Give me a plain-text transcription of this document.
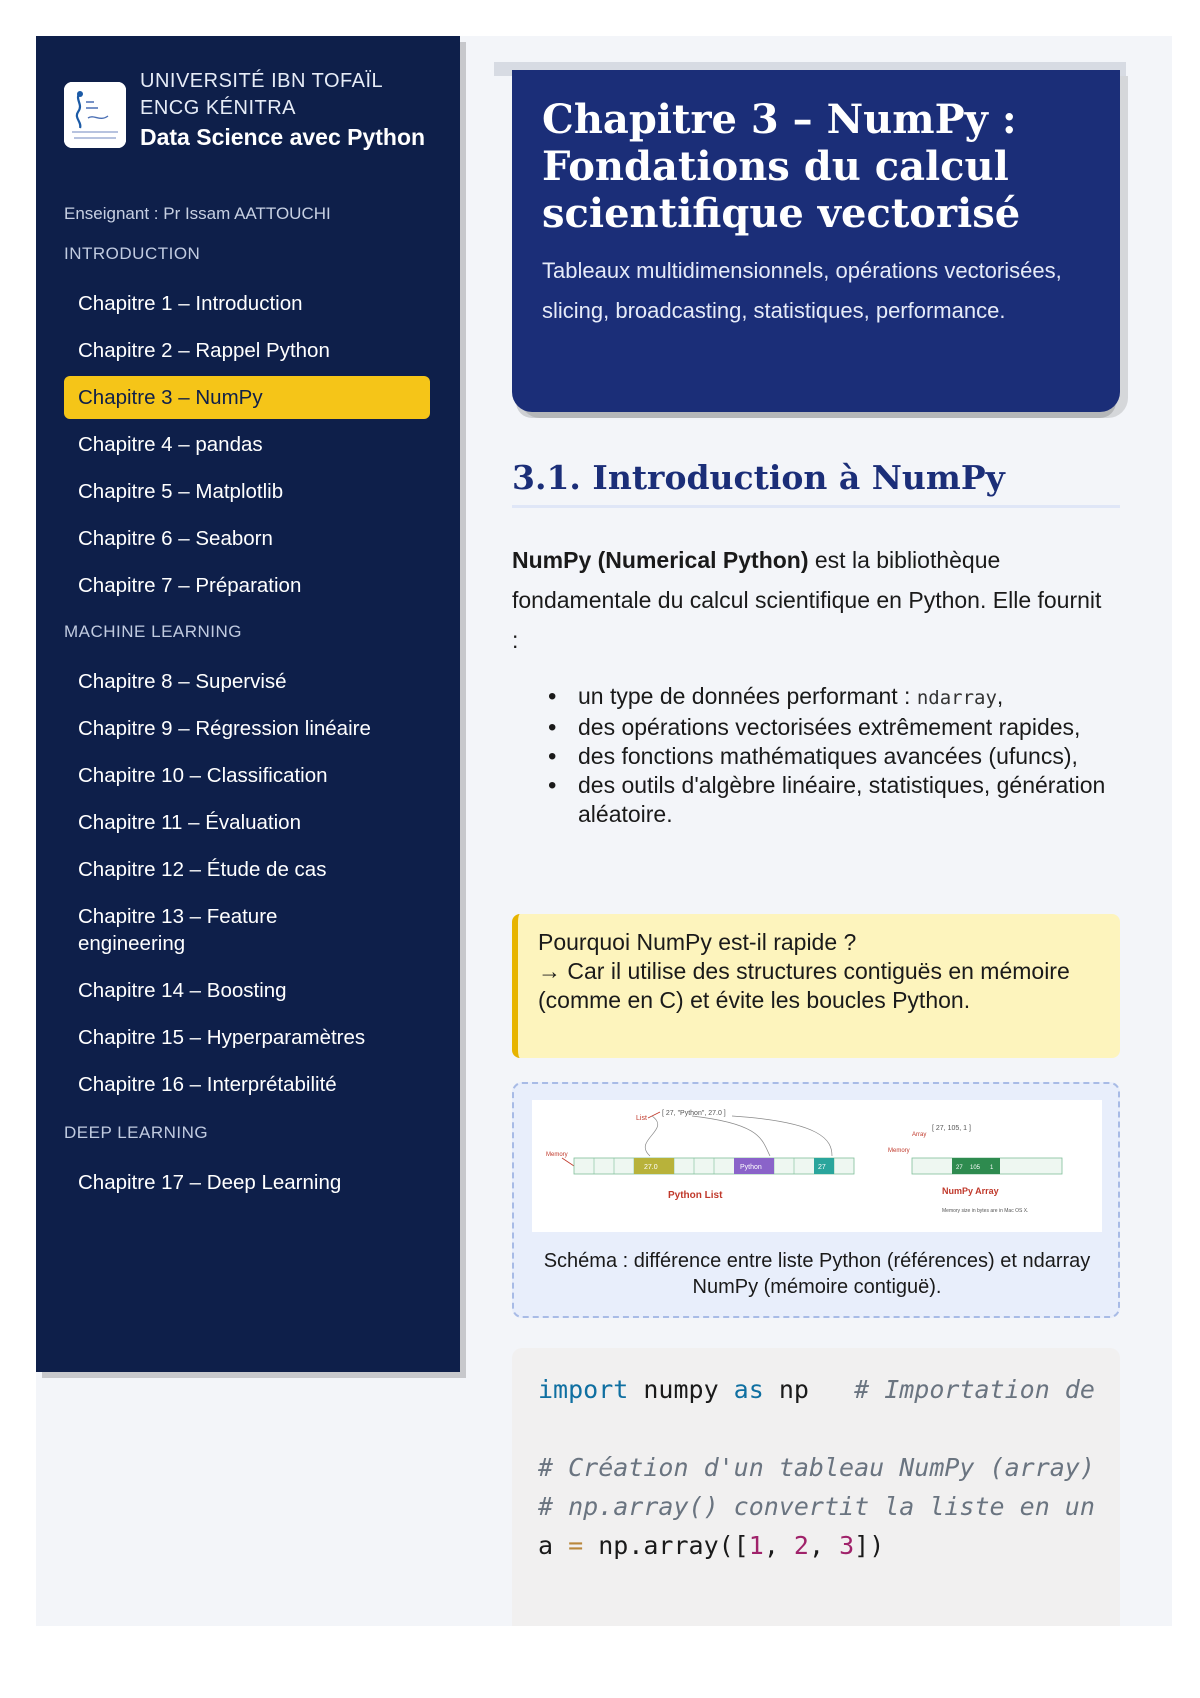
UNIVERSITÉ IBN TOFAÏL
ENCG KÉNITRA
Data Science avec Python
Enseignant : Pr Issam AATTOUCHI
INTRODUCTION
Chapitre 1 – Introduction
Chapitre 2 – Rappel Python
Chapitre 3 – NumPy
Chapitre 4 – pandas
Chapitre 5 – Matplotlib
Chapitre 6 – Seaborn
Chapitre 7 – Préparation
MACHINE LEARNING
Chapitre 8 – Supervisé
Chapitre 9 – Régression linéaire
Chapitre 10 – Classification
Chapitre 11 – Évaluation
Chapitre 12 – Étude de cas
Chapitre 13 – Feature engineering
Chapitre 14 – Boosting
Chapitre 15 – Hyperparamètres
Chapitre 16 – Interprétabilité
DEEP LEARNING
Chapitre 17 – Deep Learning
Chapitre 3 – NumPy : Fondations du calcul scientifique vectorisé

Tableaux multidimensionnels, opérations vectorisées, slicing, broadcasting, statistiques, performance.

3.1. Introduction à NumPy

NumPy (Numerical Python) est la bibliothèque fondamentale du calcul scientifique en Python. Elle fournit :

• un type de données performant : ndarray,
• des opérations vectorisées extrêmement rapides,
• des fonctions mathématiques avancées (ufuncs),
• des outils d'algèbre linéaire, statistiques, génération aléatoire.
Pourquoi NumPy est-il rapide ?
→ Car il utilise des structures contiguës en mémoire (comme en C) et évite les boucles Python.
List
[ 27, "Python", 27.0 ]
Memory
27.0	Python	27
Python List
Array
[ 27, 105, 1 ]
Memory
27 105 1
NumPy Array
Memory size in bytes are in Mac OS X.
Schéma : différence entre liste Python (références) et ndarray NumPy (mémoire contiguë).
import numpy as np # Importation de

# Création d'un tableau NumPy (array)
# np.array() convertit la liste en un
a = np.array([1, 2, 3])
